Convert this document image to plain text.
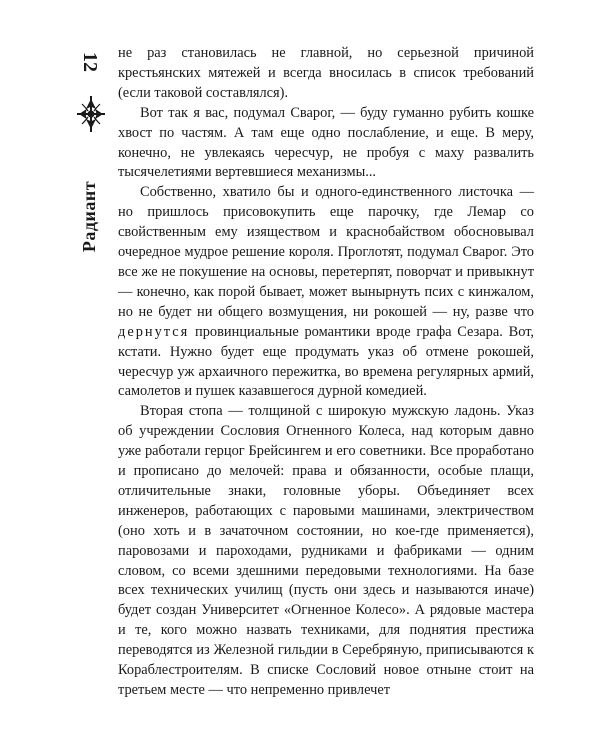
12
Радиант

не раз становилась не главной, но серьезной причиной крестьянских мятежей и всегда вносилась в список требований (если таковой составлялся).

Вот так я вас, подумал Сварог, — буду гуманно рубить кошке хвост по частям. А там еще одно послабление, и еще. В меру, конечно, не увлекаясь чересчур, не пробуя с маху развалить тысячелетиями вертевшиеся механизмы...

Собственно, хватило бы и одного-единственного листочка — но пришлось присовокупить еще парочку, где Лемар со свойственным ему изяществом и краснобайством обосновывал очередное мудрое решение короля. Проглотят, подумал Сварог. Это все же не покушение на основы, перетерпят, поворчат и привыкнут — конечно, как порой бывает, может вынырнуть псих с кинжалом, но не будет ни общего возмущения, ни рокошей — ну, разве что дернутся провинциальные романтики вроде графа Сезара. Вот, кстати. Нужно будет еще продумать указ об отмене рокошей, чересчур уж архаичного пережитка, во времена регулярных армий, самолетов и пушек казавшегося дурной комедией.

Вторая стопа — толщиной с широкую мужскую ладонь. Указ об учреждении Сословия Огненного Колеса, над которым давно уже работали герцог Брейсингем и его советники. Все проработано и прописано до мелочей: права и обязанности, особые плащи, отличительные знаки, головные уборы. Объединяет всех инженеров, работающих с паровыми машинами, электричеством (оно хоть и в зачаточном состоянии, но кое-где применяется), паровозами и пароходами, рудниками и фабриками — одним словом, со всеми здешними передовыми технологиями. На базе всех технических училищ (пусть они здесь и называются иначе) будет создан Университет «Огненное Колесо». А рядовые мастера и те, кого можно назвать техниками, для поднятия престижа переводятся из Железной гильдии в Серебряную, приписываются к Кораблестроителям. В списке Сословий новое отныне стоит на третьем месте — что непременно привлечет
